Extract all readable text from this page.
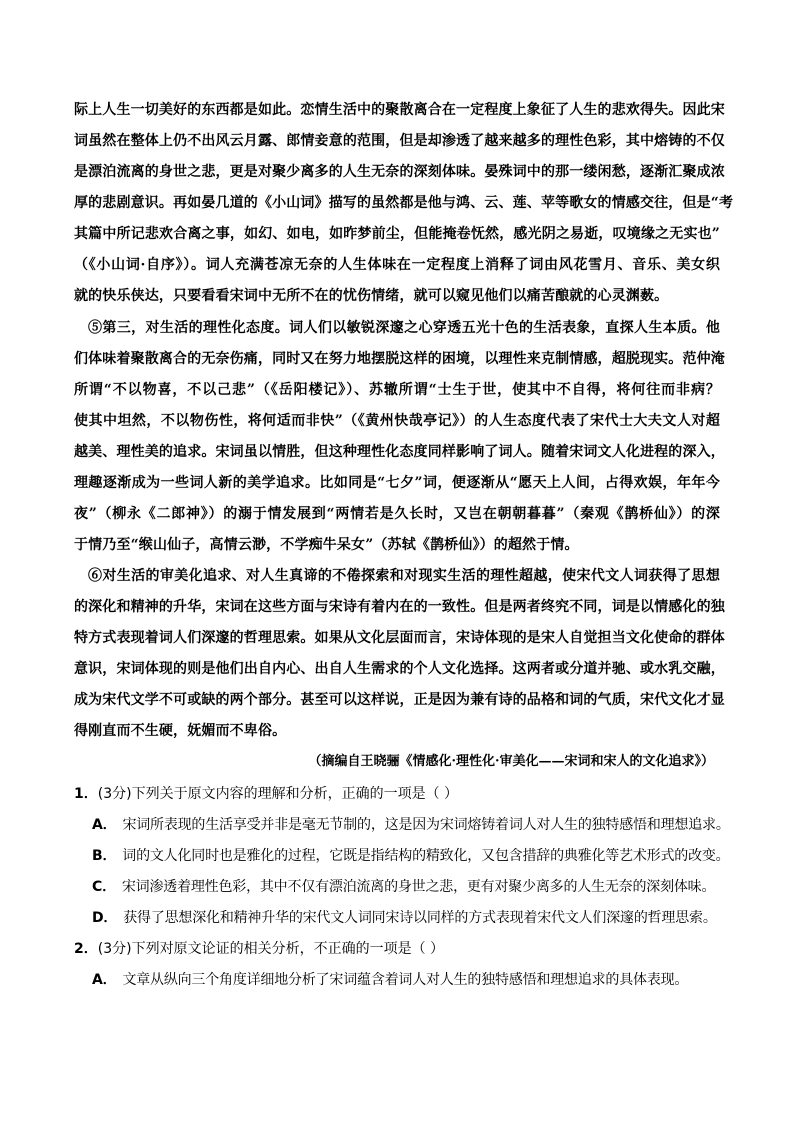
际上人生一切美好的东西都是如此。恋情生活中的聚散离合在一定程度上象征了人生的悲欢得失。因此宋
词虽然在整体上仍不出风云月露、郎情妾意的范围，但是却渗透了越来越多的理性色彩，其中熔铸的不仅
是漂泊流离的身世之悲，更是对聚少离多的人生无奈的深刻体味。晏殊词中的那一缕闲愁，逐渐汇聚成浓
厚的悲剧意识。再如晏几道的《小山词》描写的虽然都是他与鸿、云、莲、苹等歌女的情感交往，但是“考
其篇中所记悲欢合离之事，如幻、如电，如昨梦前尘，但能掩卷怃然，感光阴之易逝，叹境缘之无实也”
（《小山词·自序》）。词人充满苍凉无奈的人生体味在一定程度上消释了词由风花雪月、音乐、美女织
就的快乐侠达，只要看看宋词中无所不在的忧伤情绪，就可以窥见他们以痛苦酿就的心灵渊薮。
⑤第三，对生活的理性化态度。词人们以敏锐深邃之心穿透五光十色的生活表象，直探人生本质。他
们体味着聚散离合的无奈伤痛，同时又在努力地摆脱这样的困境，以理性来克制情感，超脱现实。范仲淹
所谓“不以物喜，不以己悲”（《岳阳楼记》）、苏辙所谓“士生于世，使其中不自得，将何往而非病？
使其中坦然，不以物伤性，将何适而非快”（《黄州快哉亭记》）的人生态度代表了宋代士大夫文人对超
越美、理性美的追求。宋词虽以情胜，但这种理性化态度同样影响了词人。随着宋词文人化进程的深入，
理趣逐渐成为一些词人新的美学追求。比如同是“七夕”词，便逐渐从“愿天上人间，占得欢娱，年年今
夜”（柳永《二郎神》）的溺于情发展到“两情若是久长时，又岂在朝朝暮暮”（秦观《鹊桥仙》）的深
于情乃至“缑山仙子，高情云渺，不学痴牛呆女”（苏轼《鹊桥仙》）的超然于情。
⑥对生活的审美化追求、对人生真谛的不倦探索和对现实生活的理性超越，使宋代文人词获得了思想
的深化和精神的升华，宋词在这些方面与宋诗有着内在的一致性。但是两者终究不同，词是以情感化的独
特方式表现着词人们深邃的哲理思索。如果从文化层面而言，宋诗体现的是宋人自觉担当文化使命的群体
意识，宋词体现的则是他们出自内心、出自人生需求的个人文化选择。这两者或分道并驰、或水乳交融，
成为宋代文学不可或缺的两个部分。甚至可以这样说，正是因为兼有诗的品格和词的气质，宋代文化才显
得刚直而不生硬，妩媚而不卑俗。
（摘编自王晓骊《情感化·理性化·审美化——宋词和宋人的文化追求》）
1．(3分)下列关于原文内容的理解和分析，正确的一项是（ ）
A． 宋词所表现的生活享受并非是毫无节制的，这是因为宋词熔铸着词人对人生的独特感悟和理想追求。
B． 词的文人化同时也是雅化的过程，它既是指结构的精致化，又包含措辞的典雅化等艺术形式的改变。
C． 宋词渗透着理性色彩，其中不仅有漂泊流离的身世之悲，更有对聚少离多的人生无奈的深刻体味。
D． 获得了思想深化和精神升华的宋代文人词同宋诗以同样的方式表现着宋代文人们深邃的哲理思索。
2．(3分)下列对原文论证的相关分析，不正确的一项是（ ）
A． 文章从纵向三个角度详细地分析了宋词蕴含着词人对人生的独特感悟和理想追求的具体表现。
